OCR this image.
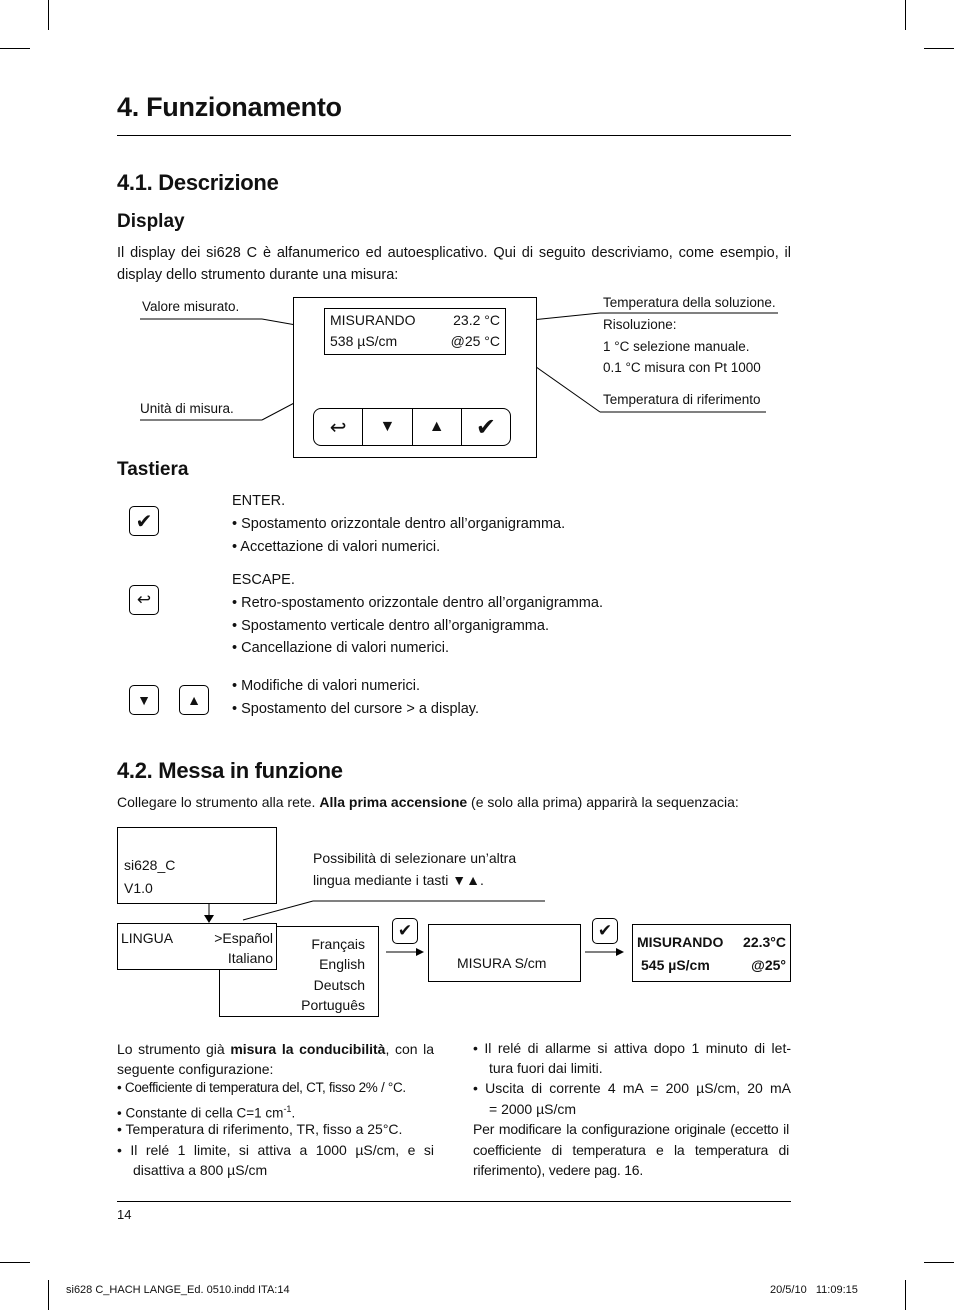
4. Funzionamento
4.1. Descrizione
Display
Il display dei si628 C è alfanumerico ed autoesplicativo. Qui di seguito descriviamo, come esempio, il display dello strumento durante una misura:
MISURANDO	23.2 °C
538 µS/cm	@25 °C
↩	▼	▲	✔
Valore misurato.
Unità di misura.
Temperatura della soluzione.
Risoluzione:
1 °C selezione manuale.
0.1 °C misura con Pt 1000
Temperatura di riferimento
Tastiera
✔
ENTER.
• Spostamento orizzontale dentro all’organigramma.
• Accettazione di valori numerici.
↩
ESCAPE.
• Retro-spostamento orizzontale dentro all’organigramma.
• Spostamento verticale dentro all’organigramma.
• Cancellazione di valori numerici.
▼	▲
• Modifiche di valori numerici.
• Spostamento del cursore > a display.
4.2. Messa in funzione
Collegare lo strumento alla rete. Alla prima accensione (e solo alla prima) apparirà la sequenzacia:
si628_C
V1.0
Possibilità di selezionare un’altra
lingua mediante i tasti ▼▲.
LINGUA	>Español
Italiano
Français
English
Deutsch
Português
✔
MISURA S/cm
✔
MISURANDO 22.3°C
545 µS/cm	@25°
Lo strumento già misura la conducibilità, con la seguente configurazione:
• Coefficiente di temperatura del, CT, fisso 2% / °C.
• Constante di cella C=1 $cm^{-1}$.
• Temperatura di riferimento, TR, fisso a 25°C.
• Il relé 1 limite, si attiva a 1000 µS/cm, e si
disattiva a 800 µS/cm
• Il relé di allarme si attiva dopo 1 minuto di let-
tura fuori dai limiti.
• Uscita di corrente 4 mA = 200 µS/cm, 20 mA
= 2000 µS/cm
Per modificare la configurazione originale (eccetto il coefficiente di temperatura e la temperatura di riferimento), vedere pag. 16.
14
si628 C_HACH LANGE_Ed. 0510.indd ITA:14	20/5/10   11:09:15
